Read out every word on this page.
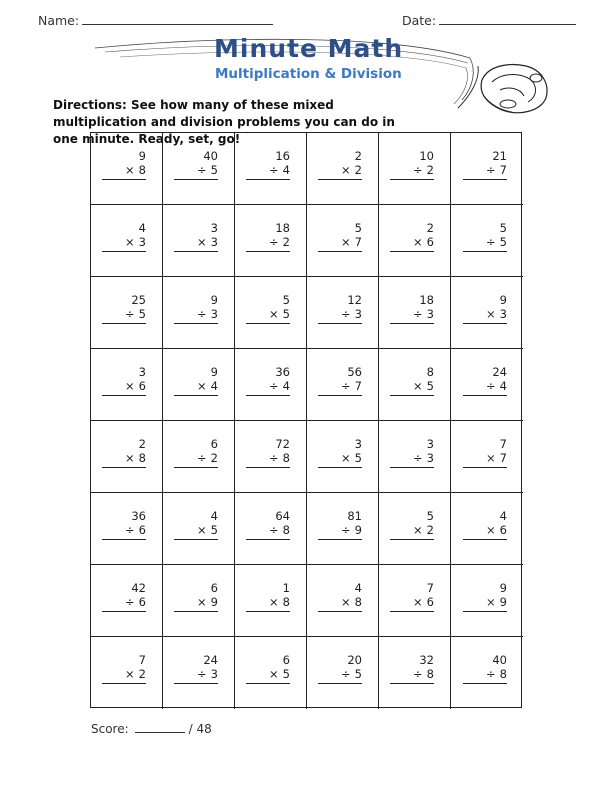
Name:	Date:
Minute Math
Multiplication & Division
Directions: See how many of these mixed multiplication and division problems you can do in one minute. Ready, set, go!
9
× 8
40
÷ 5
16
÷ 4
2
× 2
10
÷ 2
21
÷ 7
4
× 3
3
× 3
18
÷ 2
5
× 7
2
× 6
5
÷ 5
25
÷ 5
9
÷ 3
5
× 5
12
÷ 3
18
÷ 3
9
× 3
3
× 6
9
× 4
36
÷ 4
56
÷ 7
8
× 5
24
÷ 4
2
× 8
6
÷ 2
72
÷ 8
3
× 5
3
÷ 3
7
× 7
36
÷ 6
4
× 5
64
÷ 8
81
÷ 9
5
× 2
4
× 6
42
÷ 6
6
× 9
1
× 8
4
× 8
7
× 6
9
× 9
7
× 2
24
÷ 3
6
× 5
20
÷ 5
32
÷ 8
40
÷ 8
Score:	/ 48
